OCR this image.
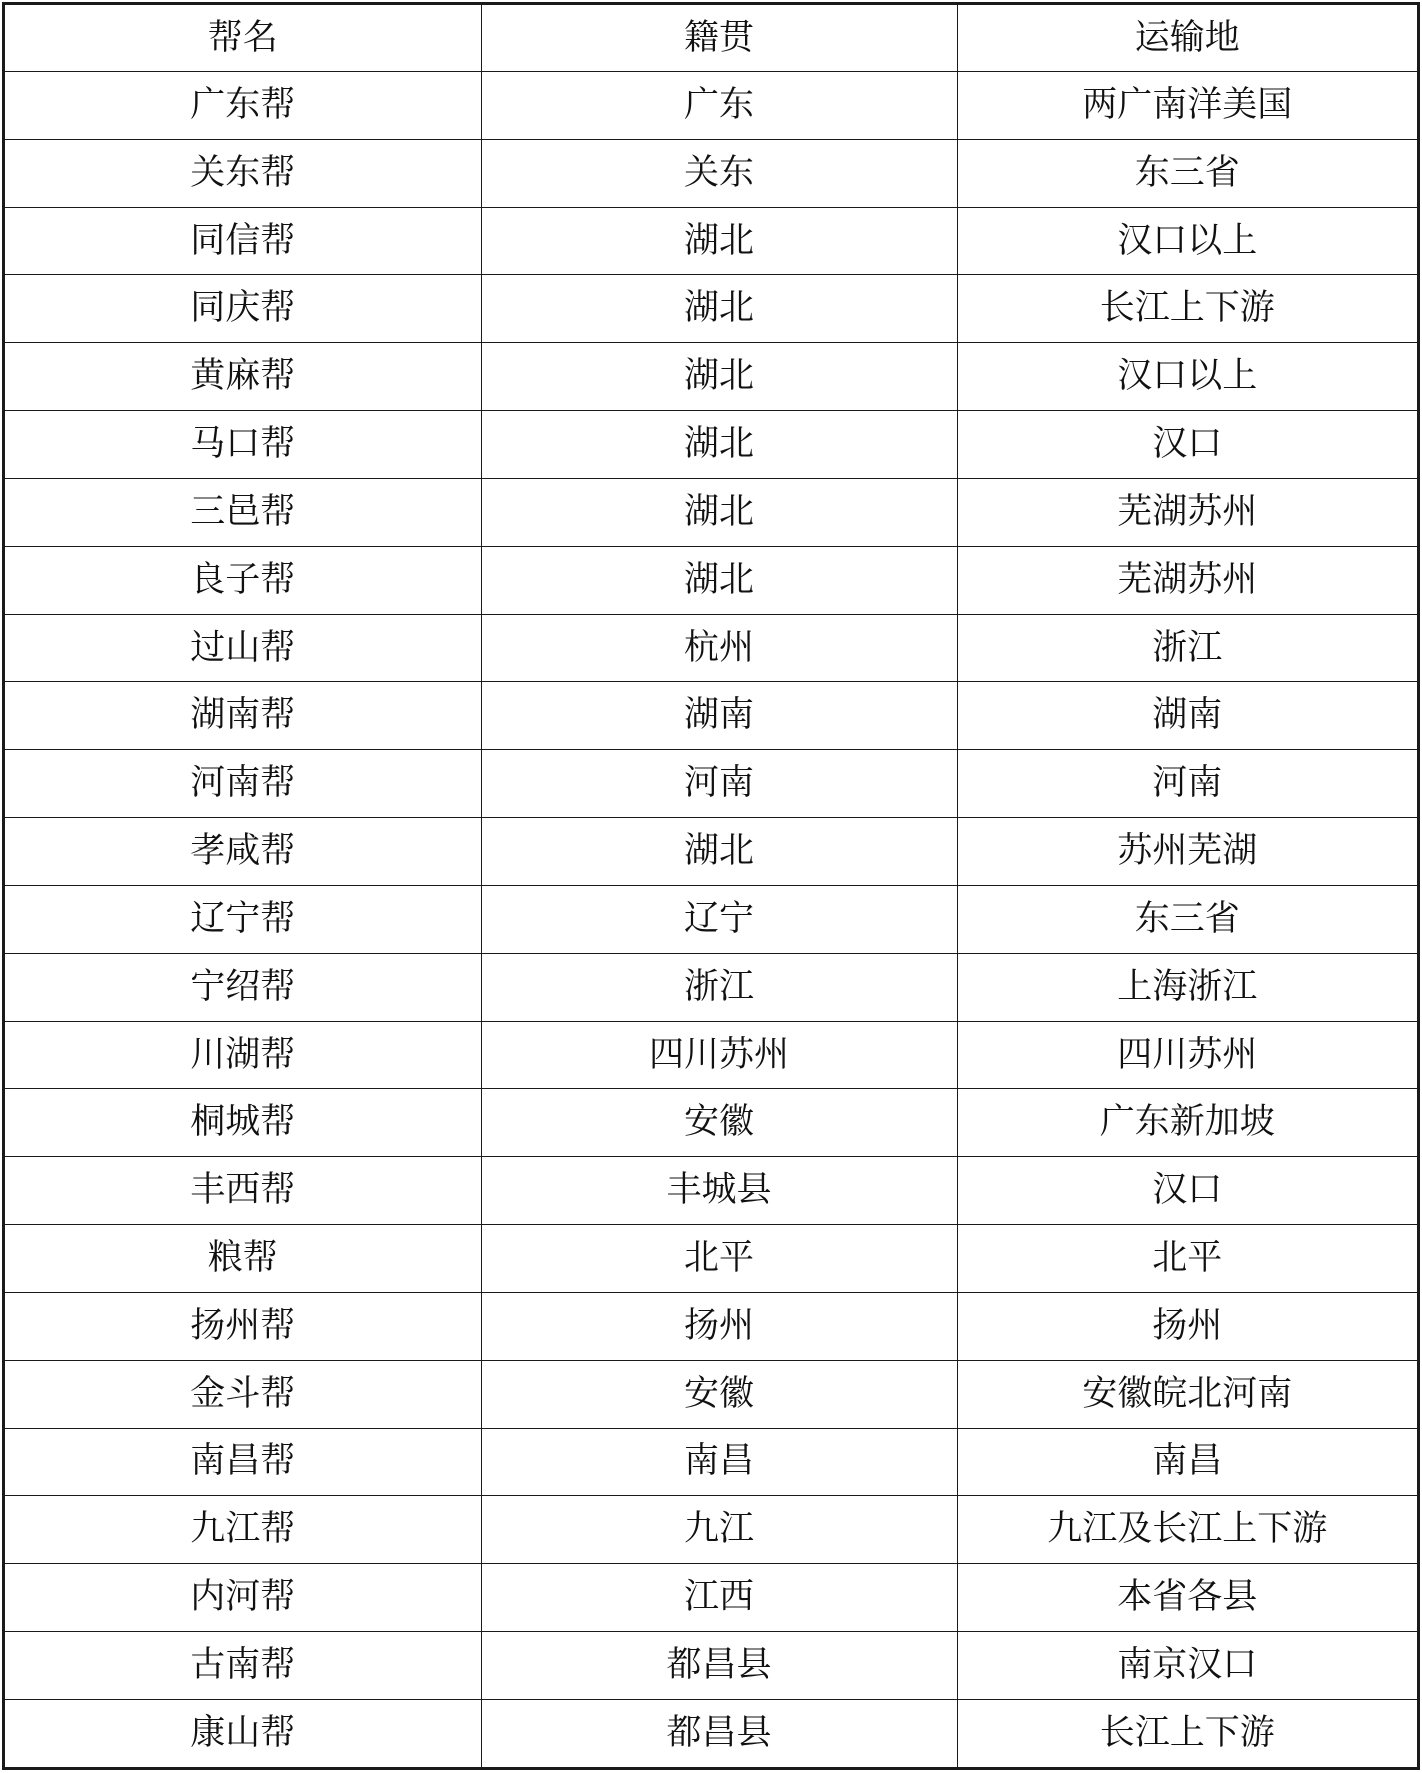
帮名	籍贯	运输地
广东帮	广东	两广南洋美国
关东帮	关东	东三省
同信帮	湖北	汉口以上
同庆帮	湖北	长江上下游
黄麻帮	湖北	汉口以上
马口帮	湖北	汉口
三邑帮	湖北	芜湖苏州
良子帮	湖北	芜湖苏州
过山帮	杭州	浙江
湖南帮	湖南	湖南
河南帮	河南	河南
孝咸帮	湖北	苏州芜湖
辽宁帮	辽宁	东三省
宁绍帮	浙江	上海浙江
川湖帮	四川苏州	四川苏州
桐城帮	安徽	广东新加坡
丰西帮	丰城县	汉口
粮帮	北平	北平
扬州帮	扬州	扬州
金斗帮	安徽	安徽皖北河南
南昌帮	南昌	南昌
九江帮	九江	九江及长江上下游
内河帮	江西	本省各县
古南帮	都昌县	南京汉口
康山帮	都昌县	长江上下游
